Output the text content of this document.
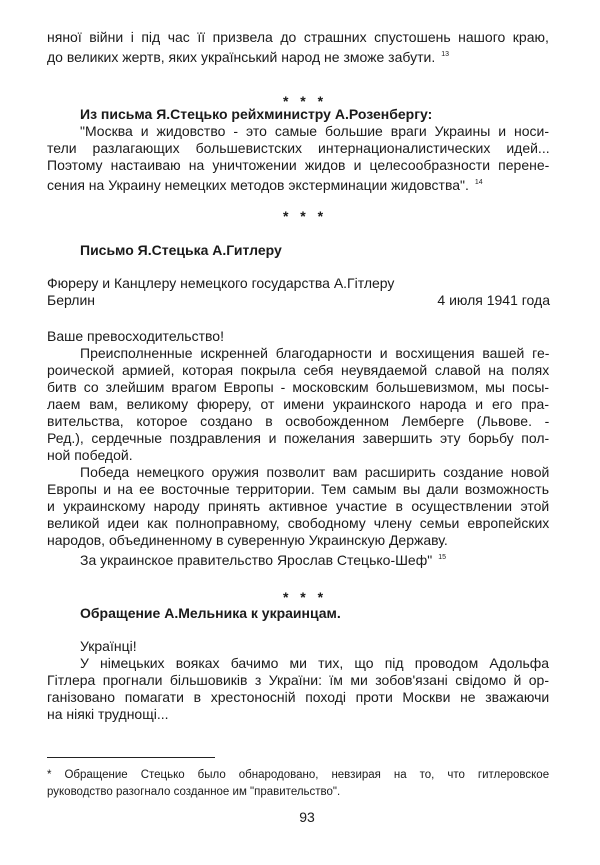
няної війни і під час її призвела до страшних спустошень нашого краю,
до великих жертв, яких український народ не зможе забути. $^{13}$
* * *
Из письма Я.Стецько рейхминистру А.Розенбергу:
"Москва и жидовство - это самые большие враги Украины и носи-
тели разлагающих большевистских интернационалистических идей...
Поэтому настаиваю на уничтожении жидов и целесообразности перене-
сения на Украину немецких методов экстерминации жидовства". $^{14}$
* * *
Письмо Я.Стецька А.Гитлеру
Фюреру и Канцлеру немецкого государства А.Гітлеру
Берлин	4 июля 1941 года
Ваше превосходительство!
Преисполненные искренней благодарности и восхищения вашей ге-
роической армией, которая покрыла себя неувядаемой славой на полях
битв со злейшим врагом Европы - московским большевизмом, мы посы-
лаем вам, великому фюреру, от имени украинского народа и его пра-
вительства, которое создано в освобожденном Лемберге (Львове. -
Ред.), сердечные поздравления и пожелания завершить эту борьбу пол-
ной победой.
Победа немецкого оружия позволит вам расширить создание новой
Европы и на ее восточные территории. Тем самым вы дали возможность
и украинскому народу принять активное участие в осуществлении этой
великой идеи как полноправному, свободному члену семьи европейских
народов, объединенному в суверенную Украинскую Державу.
За украинское правительство Ярослав Стецько-Шеф" $^{15}$
* * *
Обращение А.Мельника к украинцам.
Українці!
У німецьких вояках бачимо ми тих, що під проводом Адольфа
Гітлера прогнали більшовиків з України: їм ми зобов'язані свідомо й ор-
ганізовано помагати в хрестоносній поході проти Москви не зважаючи
на ніякі труднощі...
* Обращение Стецько было обнародовано, невзирая на то, что гитлеровское
руководство разогнало созданное им "правительство".
93
